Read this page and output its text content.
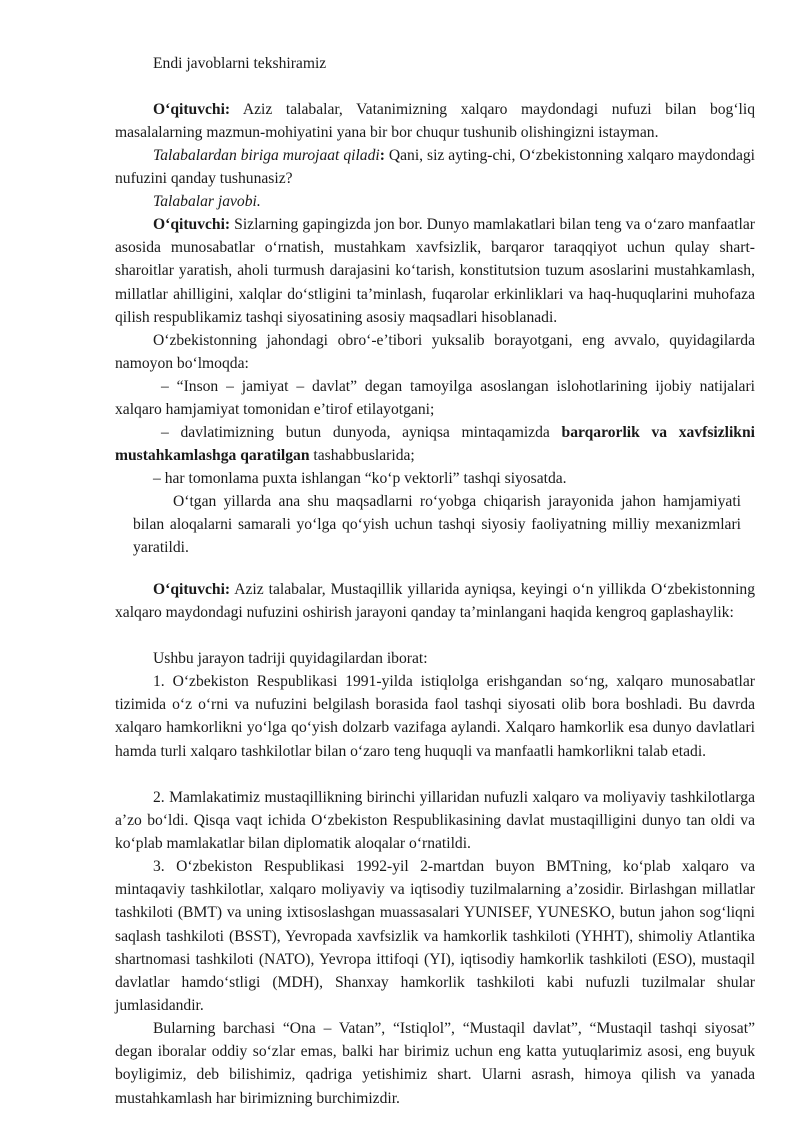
Endi javoblarni tekshiramiz

O‘qituvchi: Aziz talabalar, Vatanimizning xalqaro maydondagi nufuzi bilan bog‘liq masalalarning mazmun-mohiyatini yana bir bor chuqur tushunib olishingizni istayman.

Talabalardan biriga murojaat qiladi: Qani, siz ayting-chi, O‘zbekistonning xalqaro maydondagi nufuzini qanday tushunasiz?

Talabalar javobi.

O‘qituvchi: Sizlarning gapingizda jon bor. Dunyo mamlakatlari bilan teng va o‘zaro manfaatlar asosida munosabatlar o‘rnatish, mustahkam xavfsizlik, barqaror taraqqiyot uchun qulay shart-sharoitlar yaratish, aholi turmush darajasini ko‘tarish, konstitutsion tuzum asoslarini mustahkamlash, millatlar ahilligini, xalqlar do‘stligini ta’minlash, fuqarolar erkinliklari va haq-huquqlarini muhofaza qilish respublikamiz tashqi siyosatining asosiy maqsadlari hisoblanadi.

O‘zbekistonning jahondagi obro‘-e’tibori yuksalib borayotgani, eng avvalo, quyidagilarda namoyon bo‘lmoqda:

– “Inson – jamiyat – davlat” degan tamoyilga asoslangan islohotlarining ijobiy natijalari xalqaro hamjamiyat tomonidan e’tirof etilayotgani;

– davlatimizning butun dunyoda, ayniqsa mintaqamizda barqarorlik va xavfsizlikni mustahkamlashga qaratilgan tashabbuslarida;

– har tomonlama puxta ishlangan “ko‘p vektorli” tashqi siyosatda.

O‘tgan yillarda ana shu maqsadlarni ro‘yobga chiqarish jarayonida jahon hamjamiyati bilan aloqalarni samarali yo‘lga qo‘yish uchun tashqi siyosiy faoliyatning milliy mexanizmlari yaratildi.

O‘qituvchi: Aziz talabalar, Mustaqillik yillarida ayniqsa, keyingi o‘n yillikda O‘zbekistonning xalqaro maydondagi nufuzini oshirish jarayoni qanday ta’minlangani haqida kengroq gaplashaylik:

Ushbu jarayon tadriji quyidagilardan iborat:

1. O‘zbekiston Respublikasi 1991-yilda istiqlolga erishgandan so‘ng, xalqaro munosabatlar tizimida o‘z o‘rni va nufuzini belgilash borasida faol tashqi siyosati olib bora boshladi. Bu davrda xalqaro hamkorlikni yo‘lga qo‘yish dolzarb vazifaga aylandi. Xalqaro hamkorlik esa dunyo davlatlari hamda turli xalqaro tashkilotlar bilan o‘zaro teng huquqli va manfaatli hamkorlikni talab etadi.

2. Mamlakatimiz mustaqillikning birinchi yillaridan nufuzli xalqaro va moliyaviy tashkilotlarga a’zo bo‘ldi. Qisqa vaqt ichida O‘zbekiston Respublikasining davlat mustaqilligini dunyo tan oldi va ko‘plab mamlakatlar bilan diplomatik aloqalar o‘rnatildi.

3. O‘zbekiston Respublikasi 1992-yil 2-martdan buyon BMTning, ko‘plab xalqaro va mintaqaviy tashkilotlar, xalqaro moliyaviy va iqtisodiy tuzilmalarning a’zosidir. Birlashgan millatlar tashkiloti (BMT) va uning ixtisoslashgan muassasalari YUNISEF, YUNESKO, butun jahon sog‘liqni saqlash tashkiloti (BSST), Yevropada xavfsizlik va hamkorlik tashkiloti (YHHT), shimoliy Atlantika shartnomasi tashkiloti (NATO), Yevropa ittifoqi (YI), iqtisodiy hamkorlik tashkiloti (ESO), mustaqil davlatlar hamdo‘stligi (MDH), Shanxay hamkorlik tashkiloti kabi nufuzli tuzilmalar shular jumlasidandir.

Bularning barchasi “Ona – Vatan”, “Istiqlol”, “Mustaqil davlat”, “Mustaqil tashqi siyosat” degan iboralar oddiy so‘zlar emas, balki har birimiz uchun eng katta yutuqlarimiz asosi, eng buyuk boyligimiz, deb bilishimiz, qadriga yetishimiz shart. Ularni asrash, himoya qilish va yanada mustahkamlash har birimizning burchimizdir.
